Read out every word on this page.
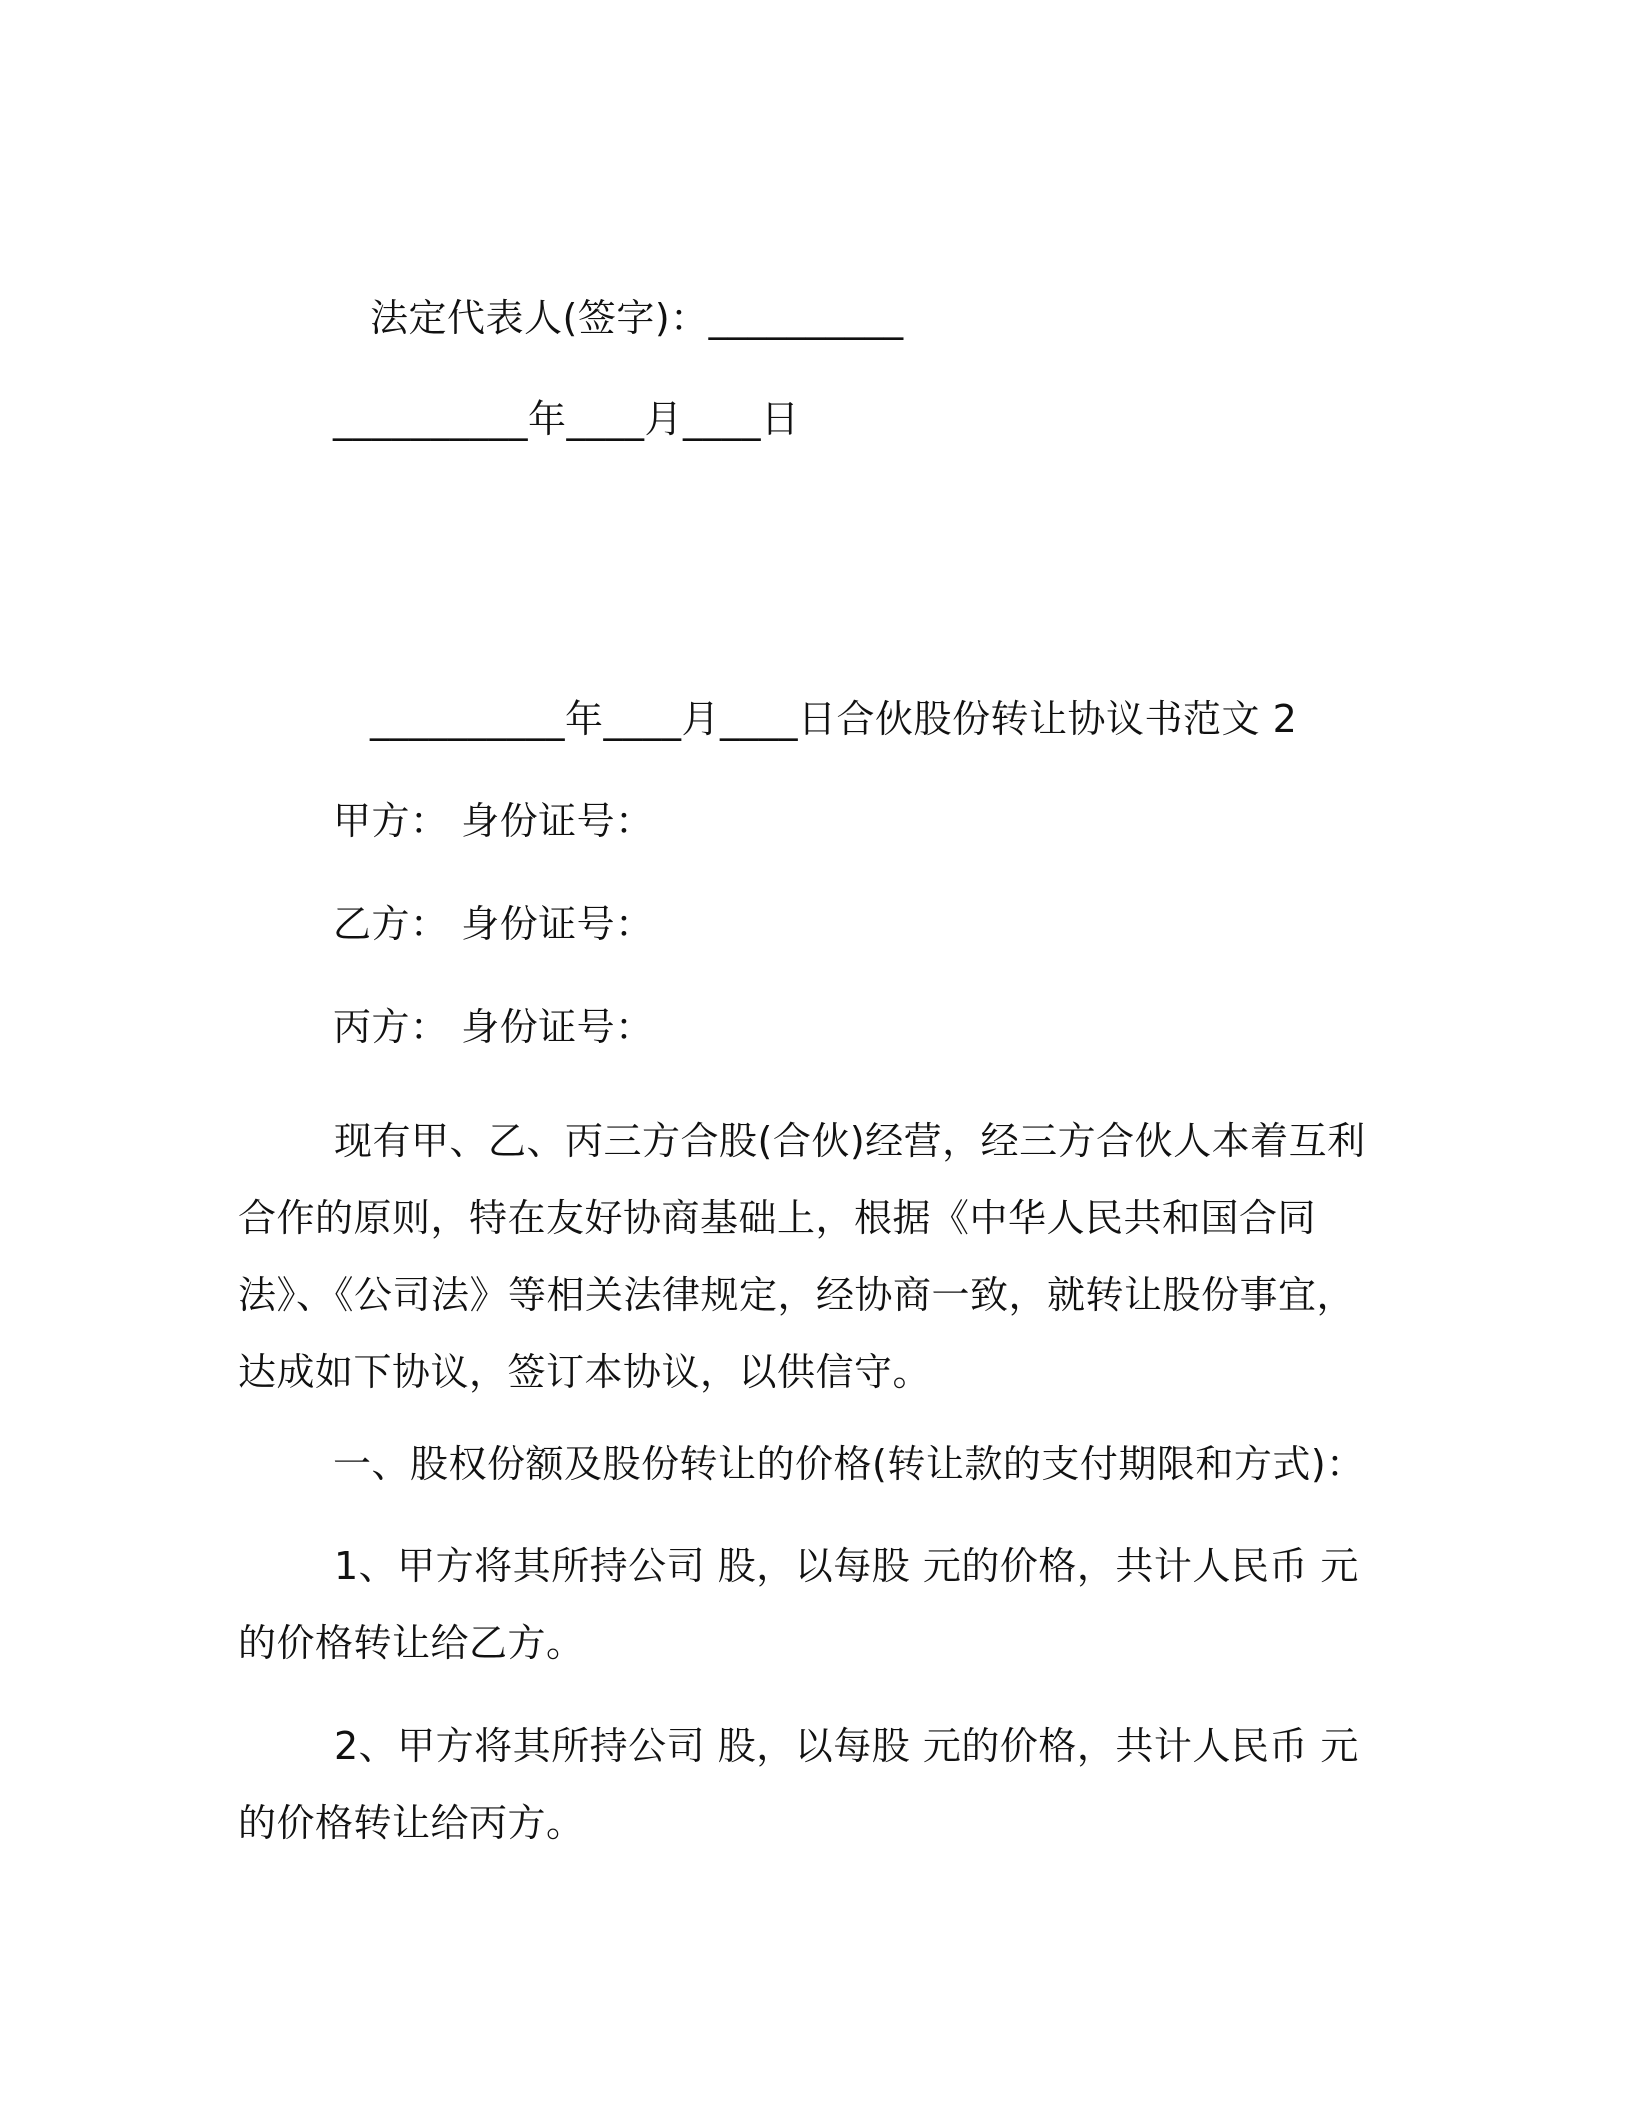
法定代表人(签字)：__________
__________年____月____日
__________年____月____日合伙股份转让协议书范文 2
甲方： 身份证号：
乙方： 身份证号：
丙方： 身份证号：
现有甲、乙、丙三方合股(合伙)经营，经三方合伙人本着互利合作的原则，特在友好协商基础上，根据《中华人民共和国合同法》、《公司法》等相关法律规定，经协商一致，就转让股份事宜，达成如下协议，签订本协议，以供信守。
一、股权份额及股份转让的价格(转让款的支付期限和方式)：
1、甲方将其所持公司 股，以每股 元的价格，共计人民币 元的价格转让给乙方。
2、甲方将其所持公司 股，以每股 元的价格，共计人民币 元的价格转让给丙方。
